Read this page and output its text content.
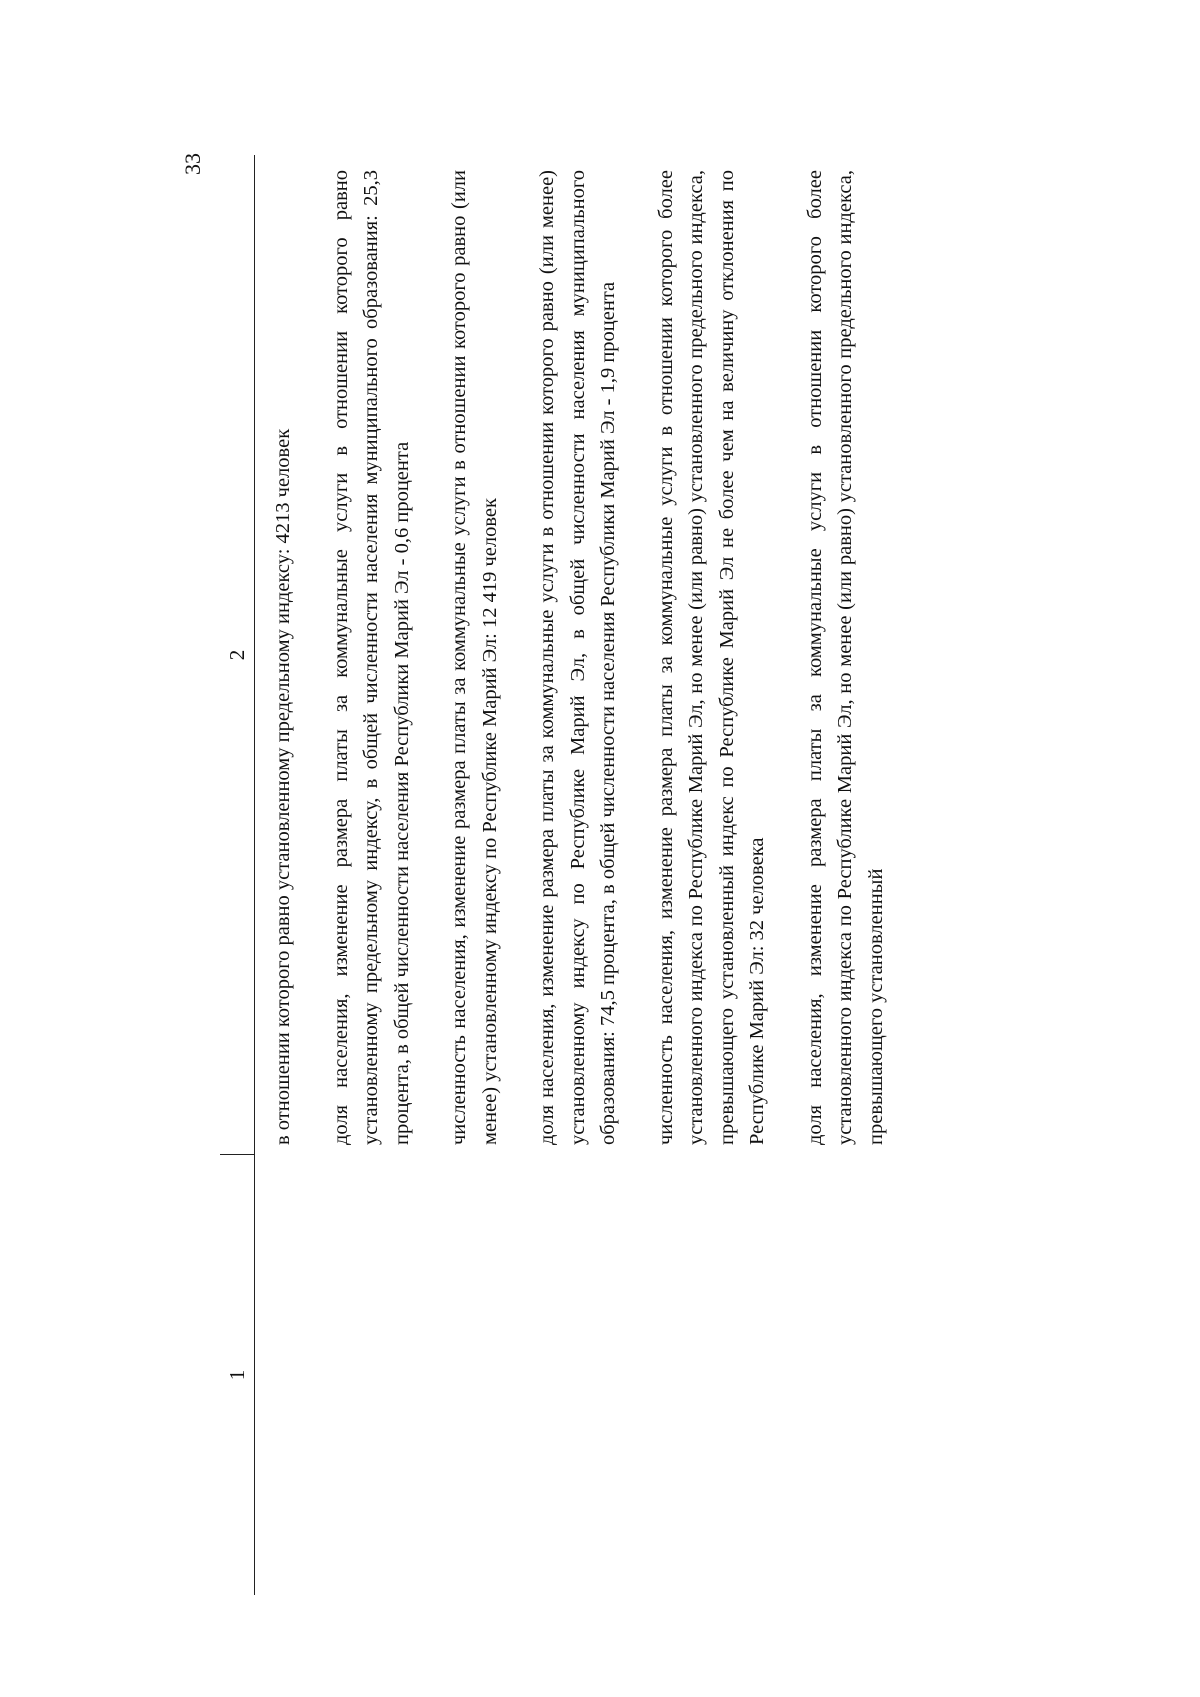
33
1
2 в отношении которого равно установленному предельному индексу: 4213 человек доля населения, изменение размера платы за коммунальные услуги в отношении которого равно установленному предельному индексу, в общей численности населения муниципального образования: 25,3 процента, в общей численности населения Республики Марий Эл - 0,6 процента численность населения, изменение размера платы за коммунальные услуги в отношении которого равно (или менее) установленному индексу по Республике Марий Эл: 12 419 человек доля населения, изменение размера платы за коммунальные услуги в отношении которого равно (или менее) установленному индексу по Республике Марий Эл, в общей численности населения муниципального образования: 74,5 процента, в общей численности населения Республики Марий Эл - 1,9 процента численность населения, изменение размера платы за коммунальные услуги в отношении которого более установленного индекса по Республике Марий Эл, но менее (или равно) установленного предельного индекса, превышающего установленный индекс по Республике Марий Эл не более чем на величину отклонения по Республике Марий Эл: 32 человека доля населения, изменение размера платы за коммунальные услуги в отношении которого более установленного индекса по Республике Марий Эл, но менее (или равно) установленного предельного индекса, превышающего установленный
